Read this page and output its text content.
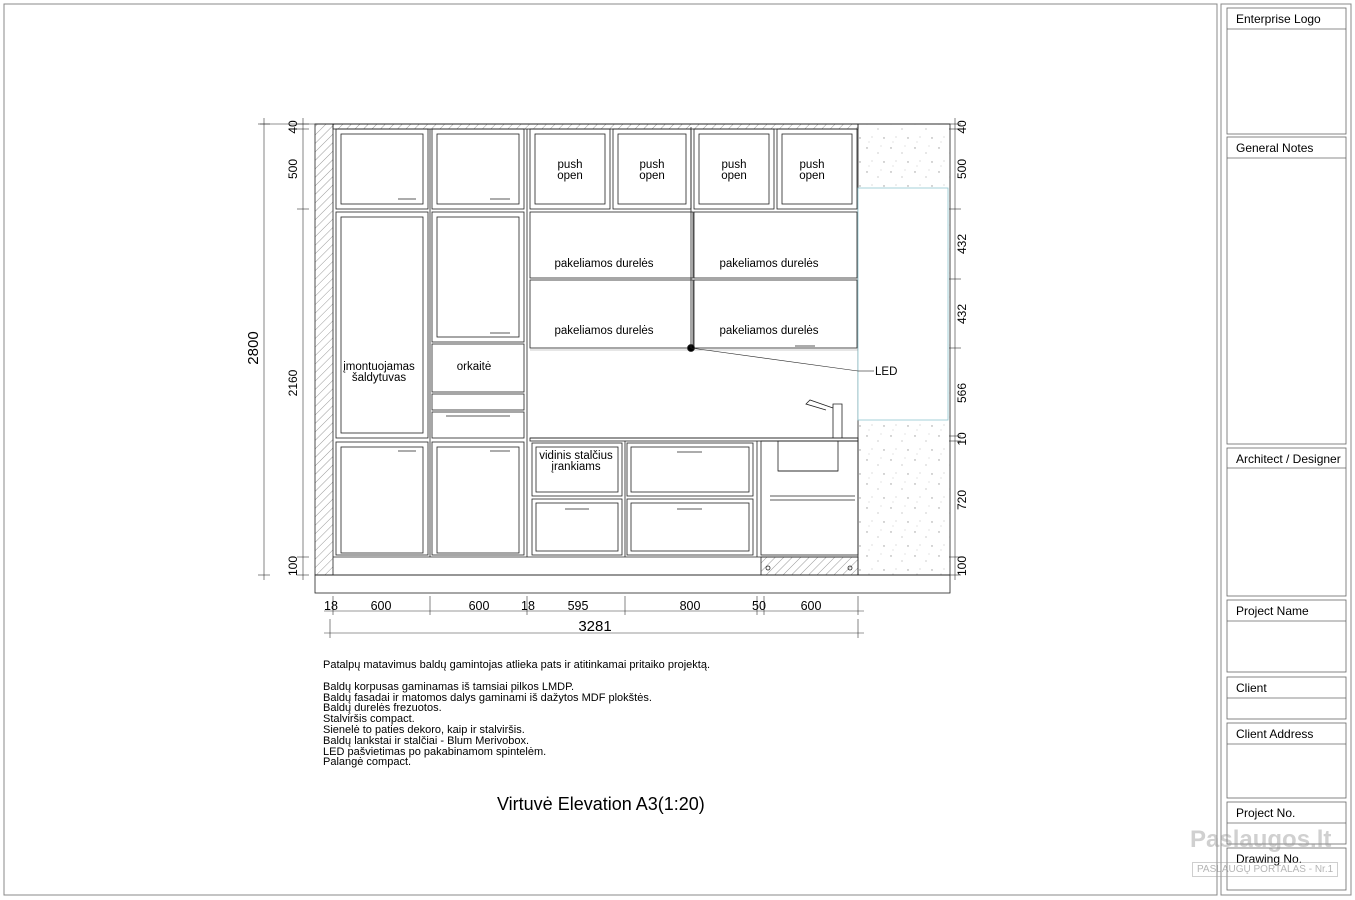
2800
40
500
2160
100
40
500
432
432
566
10
720
100
18	600	600	18	595	800	50	600
3281
push open
push open
push open
push open
pakeliamos durelės	pakeliamos durelės
pakeliamos durelės	pakeliamos durelės
įmontuojamas
šaldytuvas
orkaitė
vidinis stalčius
įrankiams
LED
Patalpų matavimus baldų gamintojas atlieka pats ir atitinkamai pritaiko projektą.
Baldų korpusas gaminamas iš tamsiai pilkos LMDP.
Baldų fasadai ir matomos dalys gaminami iš dažytos MDF plokštės.
Baldų durelės frezuotos.
Stalviršis compact.
Sienelė to paties dekoro, kaip ir stalviršis.
Baldų lankstai ir stalčiai - Blum Merivobox.
LED pašvietimas po pakabinamom spintelėm.
Palangė compact.
Virtuvė Elevation A3(1:20)
Enterprise Logo
General Notes
Architect / Designer
Project Name
Client
Client Address
Project No.
Drawing No.
Paslaugos.lt
PASLAUGŲ PORTALAS - Nr.1
